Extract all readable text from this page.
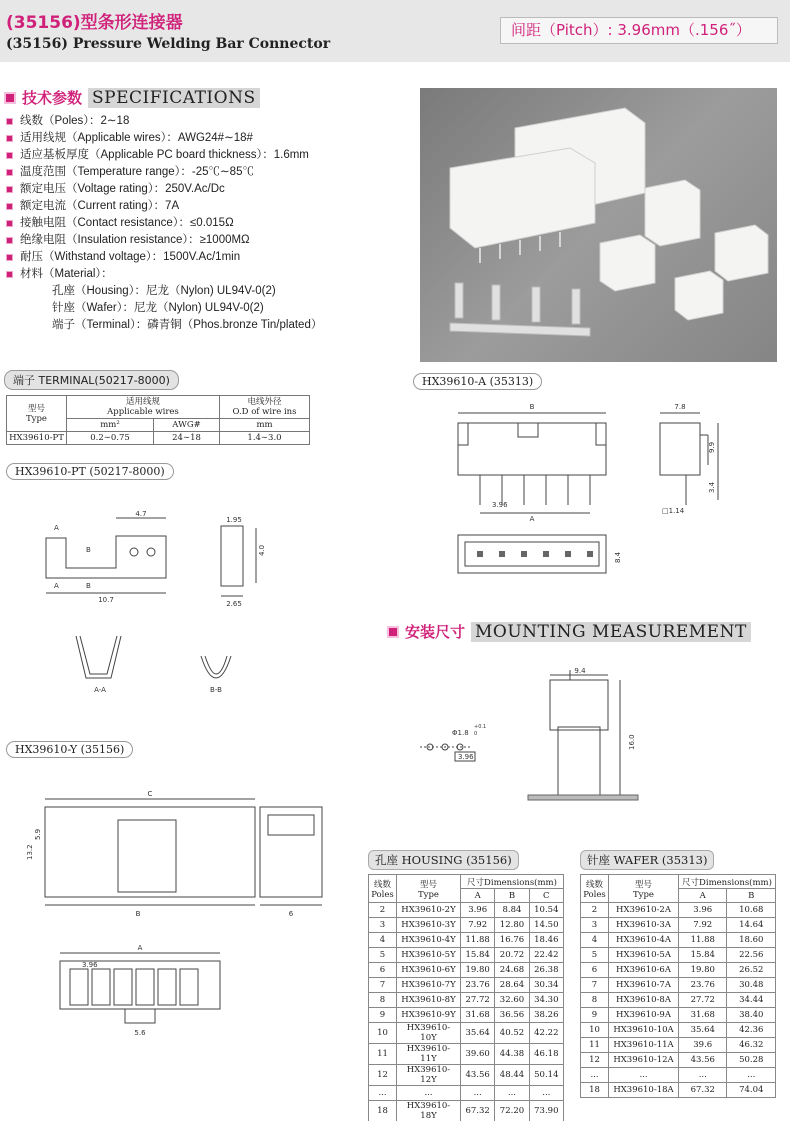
(35156)型条形连接器
(35156) Pressure Welding Bar Connector
间距（Pitch）: 3.96mm（.156˝）
技术参数 SPECIFICATIONS
线数（Poles）：2∼18
适用线规（Applicable wires）：AWG24#∼18#
适应基板厚度（Applicable PC board thickness）：1.6mm
温度范围（Temperature range）：-25℃∼85℃
额定电压（Voltage rating）：250V.Ac/Dc
额定电流（Current rating）：7A
接触电阻（Contact resistance）：≤0.015Ω
绝缘电阻（Insulation resistance）：≥1000MΩ
耐压（Withstand voltage）：1500V.Ac/1min
材料（Material）：
孔座（Housing）：尼龙（Nylon) UL94V-0(2)
针座（Wafer）：尼龙（Nylon) UL94V-0(2)
端子（Terminal）：磷青铜（Phos.bronze Tin/plated）
端子 TERMINAL(50217-8000)
型号
Type	适用线规
Applicable wires		电线外径
O.D of wire ins
	mm²	AWG#	mm
HX39610-PT	0.2∼0.75	24∼18	1.4∼3.0
HX39610-A (35313)
B
A
3.96
7.8
9.9
3.4
□1.14
8.4
HX39610-PT (50217-8000)
4.7
10.7
1.95
4.0
2.65
A
A
B
B
A-A	B-B
安装尺寸 MOUNTING MEASUREMENT
9.4
16.0
Φ1.8
+0.1
0
3.96
HX39610-Y (35156)
C
5.9
13.2
B	6
A
3.96
5.6
孔座 HOUSING (35156)
线数
Poles	型号
Type	尺寸Dimensions(mm)		
		A	B	C
2	HX39610-2Y	3.96	8.84	10.54
3	HX39610-3Y	7.92	12.80	14.50
4	HX39610-4Y	11.88	16.76	18.46
5	HX39610-5Y	15.84	20.72	22.42
6	HX39610-6Y	19.80	24.68	26.38
7	HX39610-7Y	23.76	28.64	30.34
8	HX39610-8Y	27.72	32.60	34.30
9	HX39610-9Y	31.68	36.56	38.26
10	HX39610-10Y	35.64	40.52	42.22
11	HX39610-11Y	39.60	44.38	46.18
12	HX39610-12Y	43.56	48.44	50.14
...	...	...	...	...
18	HX39610-18Y	67.32	72.20	73.90
针座 WAFER (35313)
线数
Poles	型号
Type	尺寸Dimensions(mm)	
		A	B
2	HX39610-2A	3.96	10.68
3	HX39610-3A	7.92	14.64
4	HX39610-4A	11.88	18.60
5	HX39610-5A	15.84	22.56
6	HX39610-6A	19.80	26.52
7	HX39610-7A	23.76	30.48
8	HX39610-8A	27.72	34.44
9	HX39610-9A	31.68	38.40
10	HX39610-10A	35.64	42.36
11	HX39610-11A	39.6	46.32
12	HX39610-12A	43.56	50.28
...	...	...	...
18	HX39610-18A	67.32	74.04
